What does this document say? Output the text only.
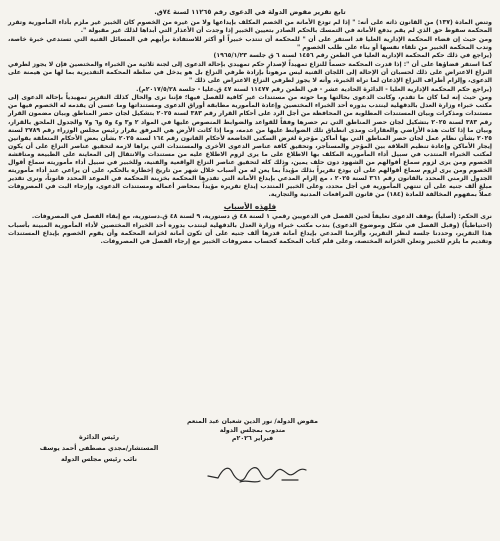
تابع تقرير مفوض الدولة في الدعوى رقم ١١٢٦٥ لسنة ٧٤ق.

وتنص المادة (١٣٧) من القانون ذاته على أنه: " إذا لم تودع الأمانة من الخصم المكلف بإيداعها ولا من غيره من الخصوم كان الخبير غير ملزم بأداء المأمورية وتقرر المحكمة سقوط حق الذي لم يقم بدفع الأمانة في التمسك بالحكم الصادر بتعيين الخبير إذا وجدت أن الأعذار التي أبداها لذلك غير مقبولة ".

ومن حيث إن قضاء المحكمة الإدارية العليا قد استقر على أن " للمحكمة أن تنتدب خبيراً أو أكثر للاستفادة برأيهم في المسائل الفنية التي تستدعي خبرة خاصة، وندب المحكمة الخبير من تلقاء نفسها أو بناء على طلب الخصوم "

(يراجع في ذلك حكم المحكمة الإدارية العليا في الطعن رقم ١٤٥٦ لسنة ٦ ق جلسة ١٩٦٥/١/٢٣)

كما استقر قضاؤها على أن ": إذا قدرت المحكمة حسماً للنزاع تمهيداً لإصدار حكم تمهيدي بإحالة الدعوى إلى لجنة ثلاثية من الخبراء والمختصين فإن لا يجوز لطرفي النزاع الاعتراض على ذلك لحسبان أن الإحالة إلى اللجان الفنية ليس مرهوناً بإرادة طرفي النزاع بل هو يدخل في سلطة المحكمة التقديرية بما لها من هيمنة على الدعوى، وإلزام أطراف النزاع الإذعان لما تراه الخبرة، وأنه لا يجوز لطرفي النزاع الاعتراض على ذلك "

(يراجع حكم المحكمة الإدارية العليا - الدائرة الحادية عشر - في الطعن رقم ١١٤٧٧ لسنة ٤٧ ق.عليا - جلسة ٢٠١٧/٥/٢٨م).

ومن حيث إنه لما كان ما تقدم، وكانت الدعوى بحالتها وما حوته من مستندات غير كافية للفصل فيها؛ فإننا نرى والحال كذلك التقرير تمهيدياً بإحالة الدعوى إلى مكتب خبراء وزارة العدل بالدقهلية لينتدب بدوره أحد الخبراء المختصين وإعادة المأمورية مطابقة أوراق الدعوى ومستنداتها وما عسى أن يقدمه له الخصوم فيها من مستندات ومذكرات وبيان المستندات المطلوبة من المحافظة من أجل الرد على أحكام القرار رقم ٣٨٣ لسنة ٢٠٢٥ بتشكيل لجان حصر المناطق وبيان مضمون القرار رقم ٣٨٣ لسنة ٢٠٢٥ بتشكيل لجان حصر المناطق التي تم حصرها وفقاً للقواعد والضوابط المنصوص عليها في المواد ٢ و٣ و٤ و٥ و٦ و٧ والجدول الملحق بالقرار، وبيان ما إذا كانت هذه الأراضي والعقارات ومدى انطباق تلك الضوابط عليها من عدمه، وما إذا كانت الأرض هي المرفق بقرار رئيس مجلس الوزراء رقم ٢٧٨٩ لسنة ٢٠٢٥ بشأن نظام عمل لجان حصر المناطق التي بها أماكن مؤجرة لغرض السكنى الخاضعة لأحكام القانون رقم ١٦٤ لسنة ٢٠٢٥ بشأن بعض الأحكام المتعلقة بقوانين إيجار الأماكن وإعادة تنظيم العلاقة بين المؤجر والمستأجر، وتحقيق كافة عناصر الدعوى الأخرى والمستندات التي يراها لازمة لتحقيق عناصر النزاع على أن يكون لمكتب الخبراء المنتدب في سبيل أداء المأمورية المكلف بها الاطلاع على ما يرى لزوم الاطلاع عليه من مستندات والانتقال إلى المعاينة على الطبيعة ومناقشة الخصوم ومن يرى لزوم سماع أقوالهم من الشهود دون حلف يمين، وذلك كله لتحقيق عناصر النزاع الواقعية والفنية، وللخبير في سبيل أداء مأموريته سماع أقوال الخصوم ومن يرى لزوم سماع أقوالهم على أن يودع تقريراً بذلك مؤيداً بما يعن له من أسباب خلال شهر من تاريخ إخطاره بالحكم، على أن يراعي عند أداء مأموريته الجدول الزمني المحدد بالقانون رقم ٣٦١ لسنة ٢٠٢٥ ، مع إلزام المدعي بإيداع الأمانة التي تقدرها المحكمة بخزينة المحكمة في الموعد المحدد قانوناً، ونرى تقدير مبلغ ألف جنيه على أن تنتهي المأمورية في أجل محدد، وعلى الخبير المنتدب إيداع تقريره مؤيداً بمحاضر أعماله ومستندات الدعوى، وإرجاء البت في المصروفات عملاً بمفهوم المخالفة للمادة (١٨٤) من قانون المرافعات المدنية والتجارية.

فلهذه الأسباب

نرى الحكم: (أصلياً) بوقف الدعوى تعليقاً لحين الفصل في الدعويين رقمي ١ لسنة ٤٨ ق دستورية، ٩ لسنة ٤٨ ق.دستورية، مع إبقاء الفصل في المصروفات.

(احتياطياً) (وقبل الفصل في شكل وموضوع الدعوى) بندب مكتب خبراء وزارة العدل بالدقهلية لينتدب بدوره أحد الخبراء المختصين لأداء المأمورية المبينة بأسباب هذا التقرير، وحددنا جلسة لنظر التقرير، وألزمنا المدعي بإيداع أمانة قدرها ألف جنيه على أن تكون أمانة لخزانة المحكمة وأن يقوم الخصوم بإيداع المستندات وتقديم ما يلزم للخبير وتعلن الخزانة المختصة، وعلى قلم كتاب المحكمة كحساب مصروفات الخبير مع إرجاء الفصل في المصروفات.

مفوض الدولة/ نور الدين شعبان عبد المنعم
مندوب بمجلس الدولة
فبراير ٢٠٢٦م
رئيس الدائرة
المستشار/مجدي مصطفى أحمد يوسف
نائب رئيس مجلس الدولة
